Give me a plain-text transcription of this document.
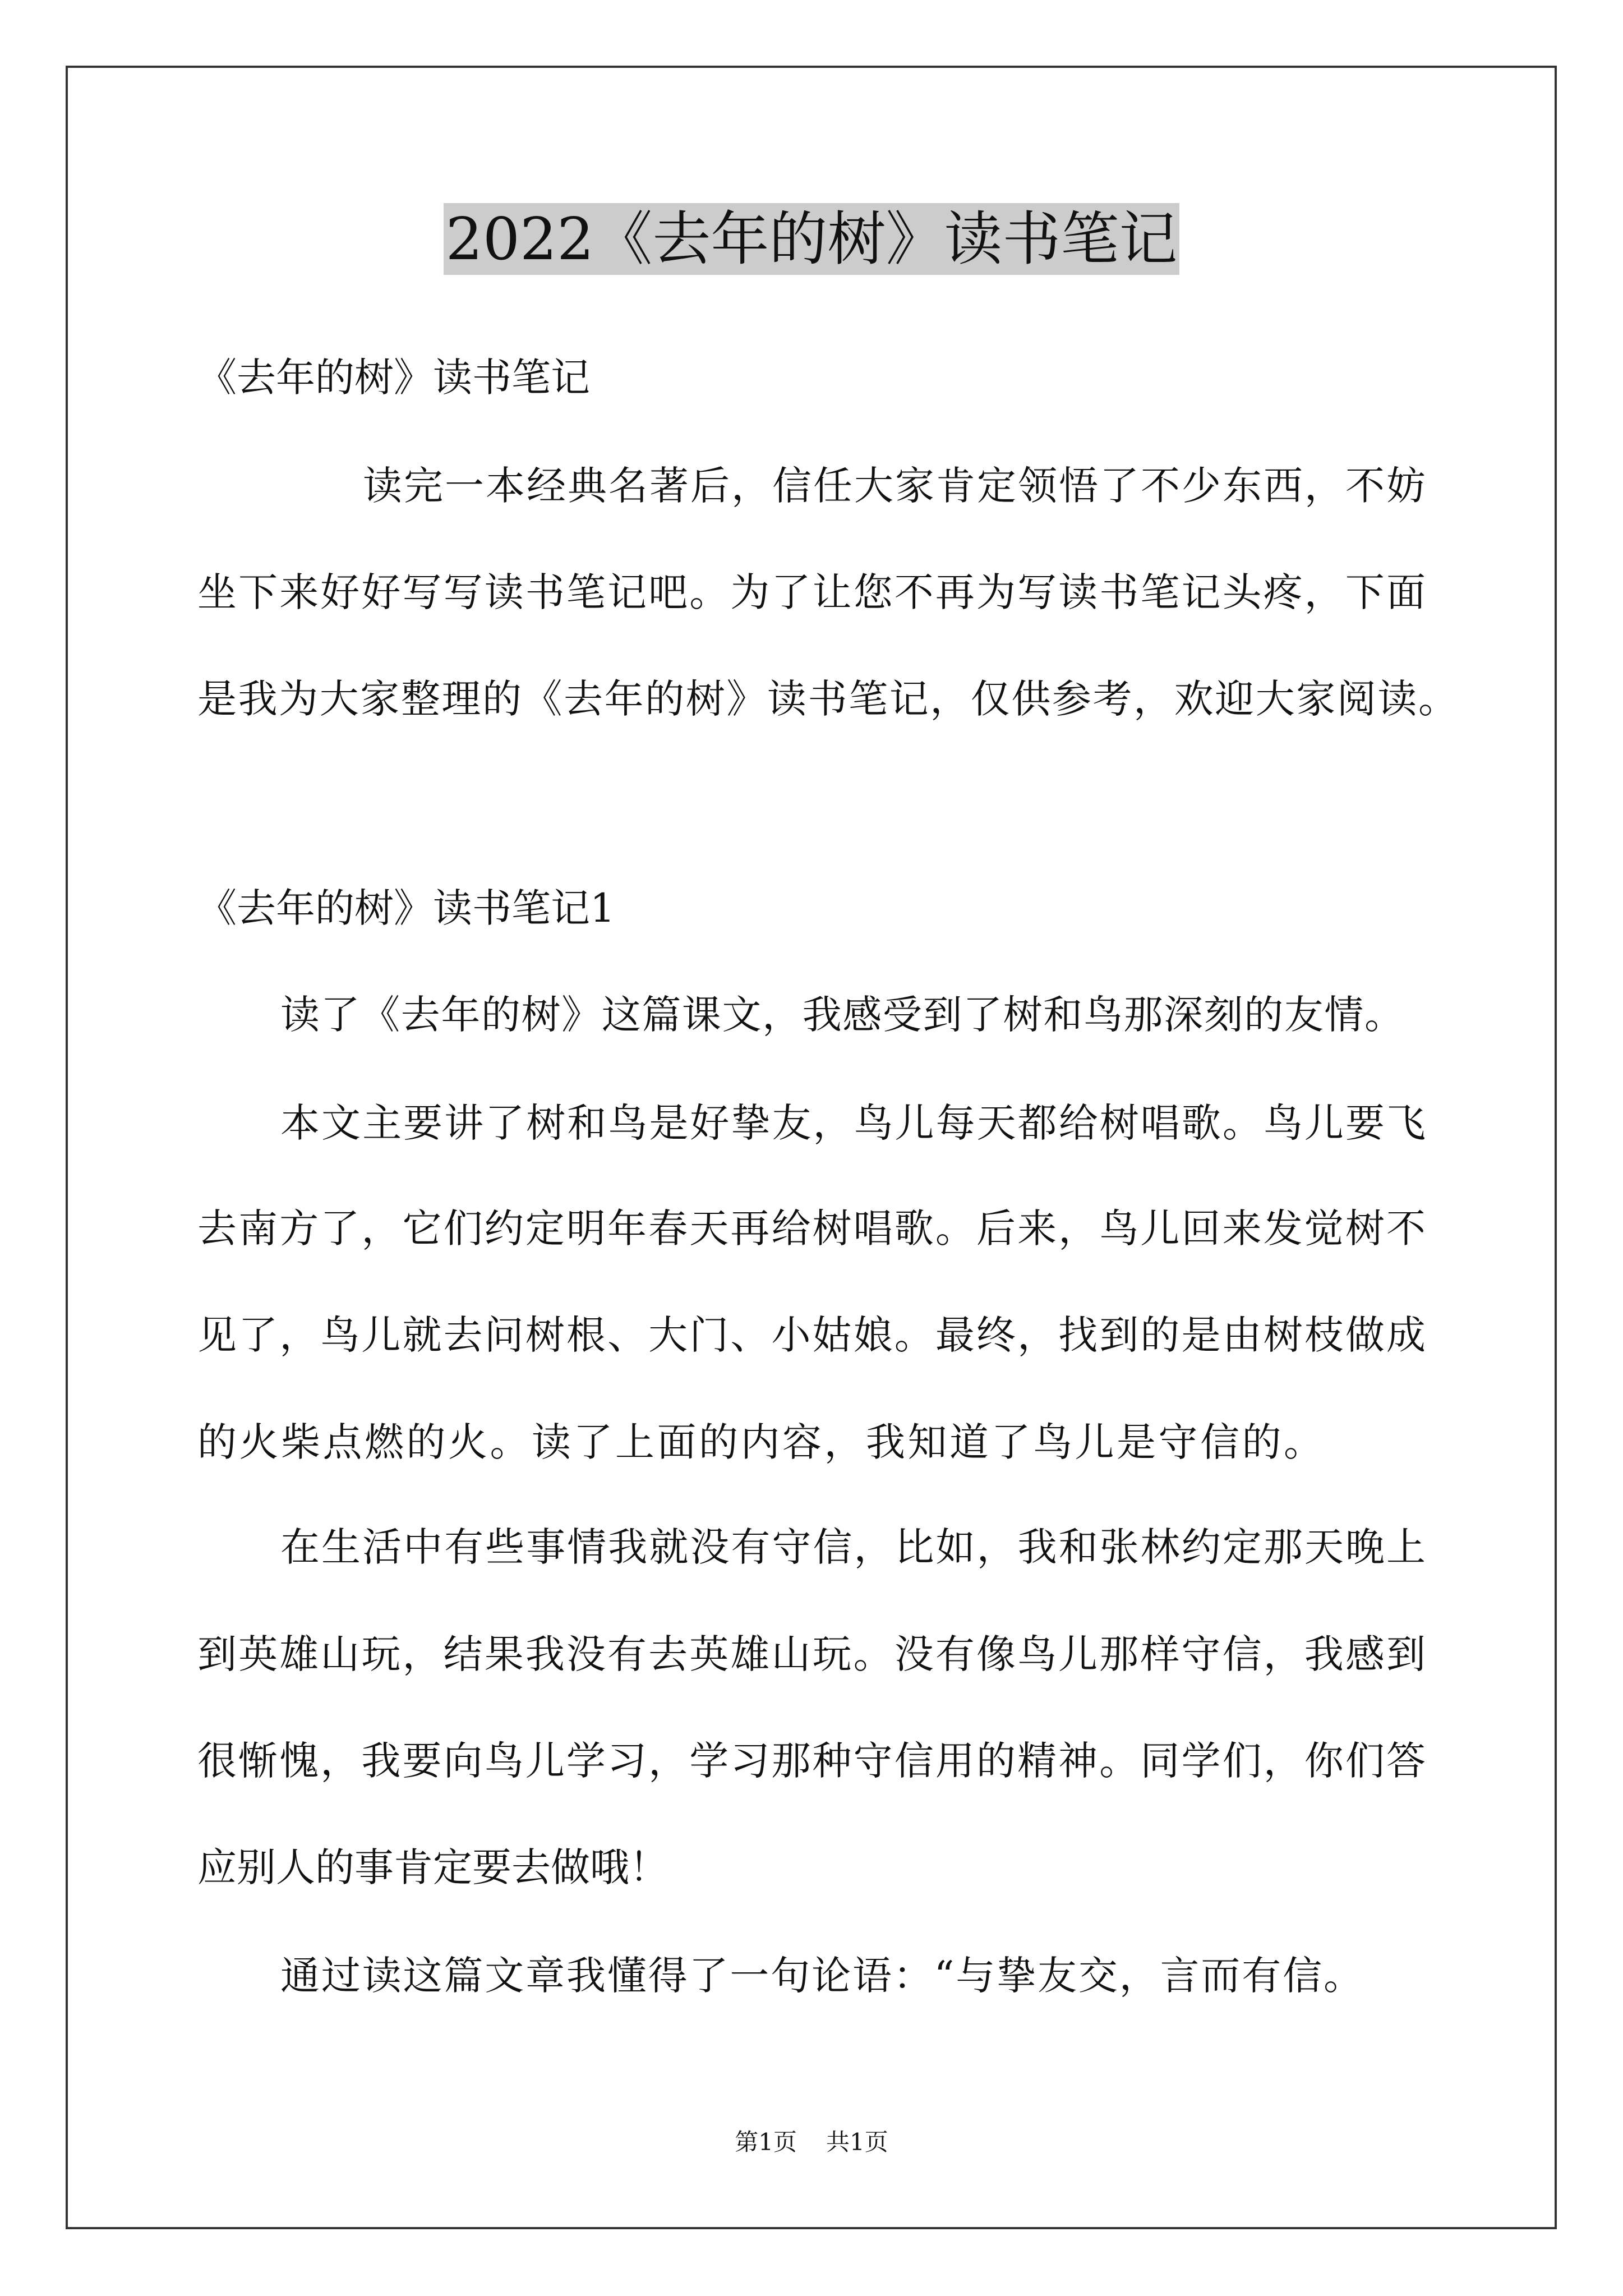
2022《去年的树》读书笔记
《去年的树》读书笔记
读完一本经典名著后，信任大家肯定领悟了不少东西，不妨
坐下来好好写写读书笔记吧。为了让您不再为写读书笔记头疼，下面
是我为大家整理的《去年的树》读书笔记，仅供参考，欢迎大家阅读。
《去年的树》读书笔记1
读了《去年的树》这篇课文，我感受到了树和鸟那深刻的友情。
本文主要讲了树和鸟是好挚友，鸟儿每天都给树唱歌。鸟儿要飞
去南方了，它们约定明年春天再给树唱歌。后来，鸟儿回来发觉树不
见了，鸟儿就去问树根、大门、小姑娘。最终，找到的是由树枝做成
的火柴点燃的火。读了上面的内容，我知道了鸟儿是守信的。
在生活中有些事情我就没有守信，比如，我和张林约定那天晚上
到英雄山玩，结果我没有去英雄山玩。没有像鸟儿那样守信，我感到
很惭愧，我要向鸟儿学习，学习那种守信用的精神。同学们，你们答
应别人的事肯定要去做哦！
通过读这篇文章我懂得了一句论语：“与挚友交，言而有信。
第1页 共1页
